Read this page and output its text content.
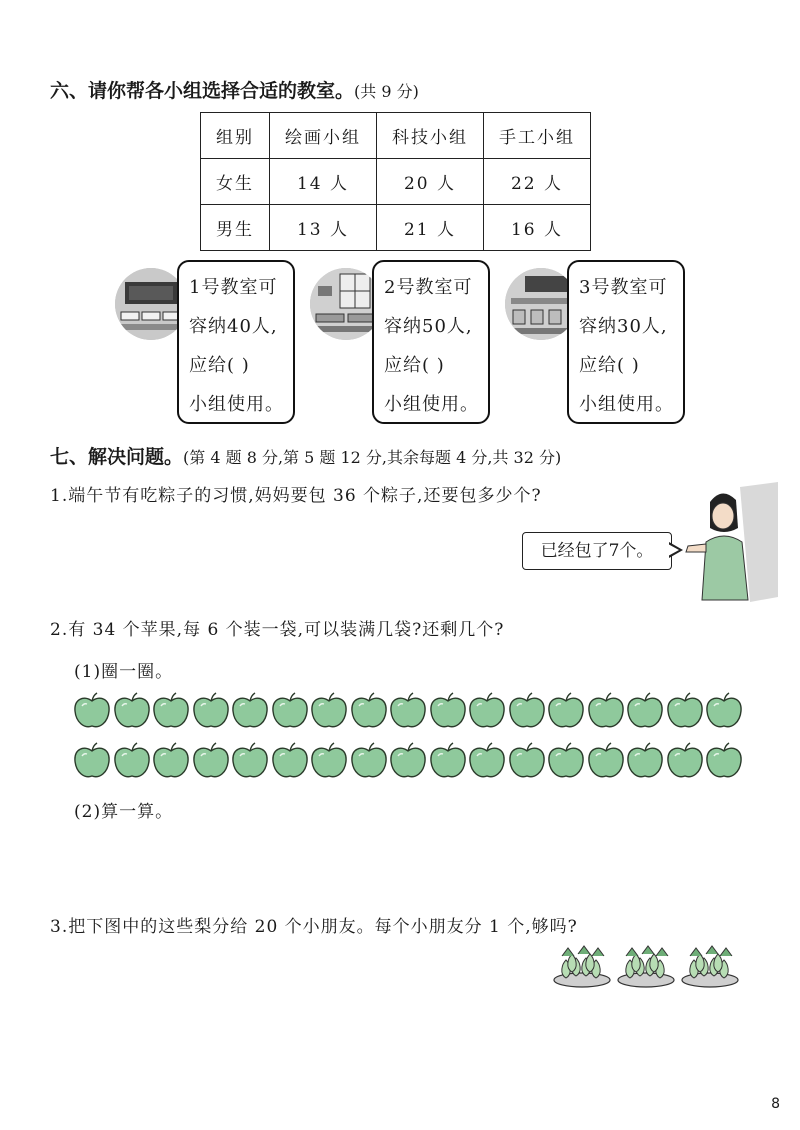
六、请你帮各小组选择合适的教室。(共 9 分)
组别	绘画小组	科技小组	手工小组
女生	14 人	20 人	22 人
男生	13 人	21 人	16 人
1号教室可
容纳40人,
应给( )
小组使用。
2号教室可
容纳50人,
应给( )
小组使用。
3号教室可
容纳30人,
应给( )
小组使用。
七、解决问题。(第 4 题 8 分,第 5 题 12 分,其余每题 4 分,共 32 分)
1.端午节有吃粽子的习惯,妈妈要包 36 个粽子,还要包多少个?
已经包了7个。
2.有 34 个苹果,每 6 个装一袋,可以装满几袋?还剩几个?
(1)圈一圈。
(2)算一算。
3.把下图中的这些梨分给 20 个小朋友。每个小朋友分 1 个,够吗?
8
